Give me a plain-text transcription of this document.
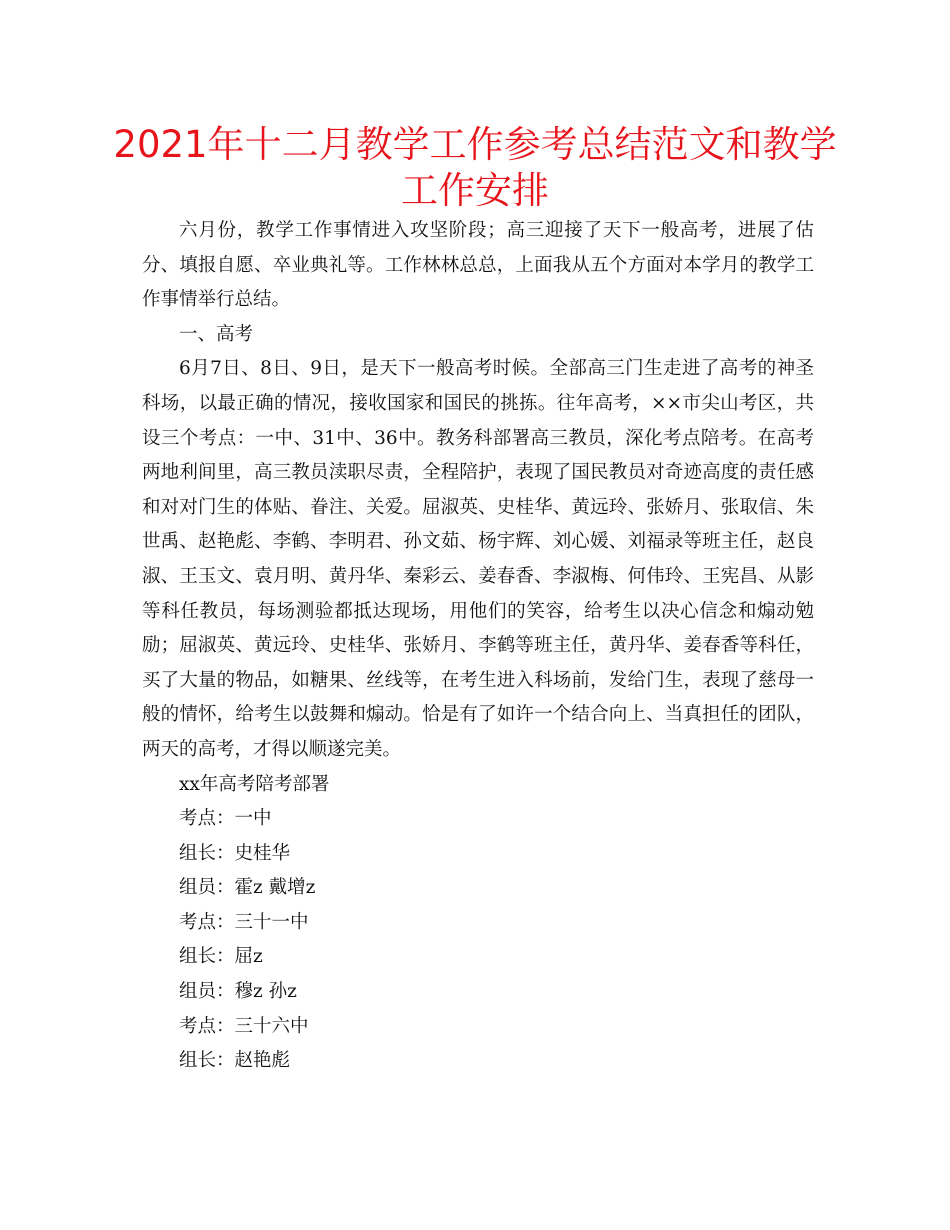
2021年十二月教学工作参考总结范文和教学工作安排

六月份，教学工作事情进入攻坚阶段；高三迎接了天下一般高考，进展了估分、填报自愿、卒业典礼等。工作林林总总，上面我从五个方面对本学月的教学工作事情举行总结。

一、高考

6月7日、8日、9日，是天下一般高考时候。全部高三门生走进了高考的神圣科场，以最正确的情况，接收国家和国民的挑拣。往年高考，××市尖山考区，共设三个考点：一中、31中、36中。教务科部署高三教员，深化考点陪考。在高考两地利间里，高三教员渎职尽责，全程陪护，表现了国民教员对奇迹高度的责任感和对对门生的体贴、眷注、关爱。屈淑英、史桂华、黄远玲、张娇月、张取信、朱世禹、赵艳彪、李鹤、李明君、孙文茹、杨宇辉、刘心媛、刘福录等班主任，赵良淑、王玉文、袁月明、黄丹华、秦彩云、姜春香、李淑梅、何伟玲、王宪昌、从影等科任教员，每场测验都抵达现场，用他们的笑容，给考生以决心信念和煽动勉励；屈淑英、黄远玲、史桂华、张娇月、李鹤等班主任，黄丹华、姜春香等科任，买了大量的物品，如糖果、丝线等，在考生进入科场前，发给门生，表现了慈母一般的情怀，给考生以鼓舞和煽动。恰是有了如许一个结合向上、当真担任的团队，两天的高考，才得以顺遂完美。

xx年高考陪考部署

考点：一中

组长：史桂华

组员：霍z 戴增z

考点：三十一中

组长：屈z

组员：穆z 孙z

考点：三十六中

组长：赵艳彪
